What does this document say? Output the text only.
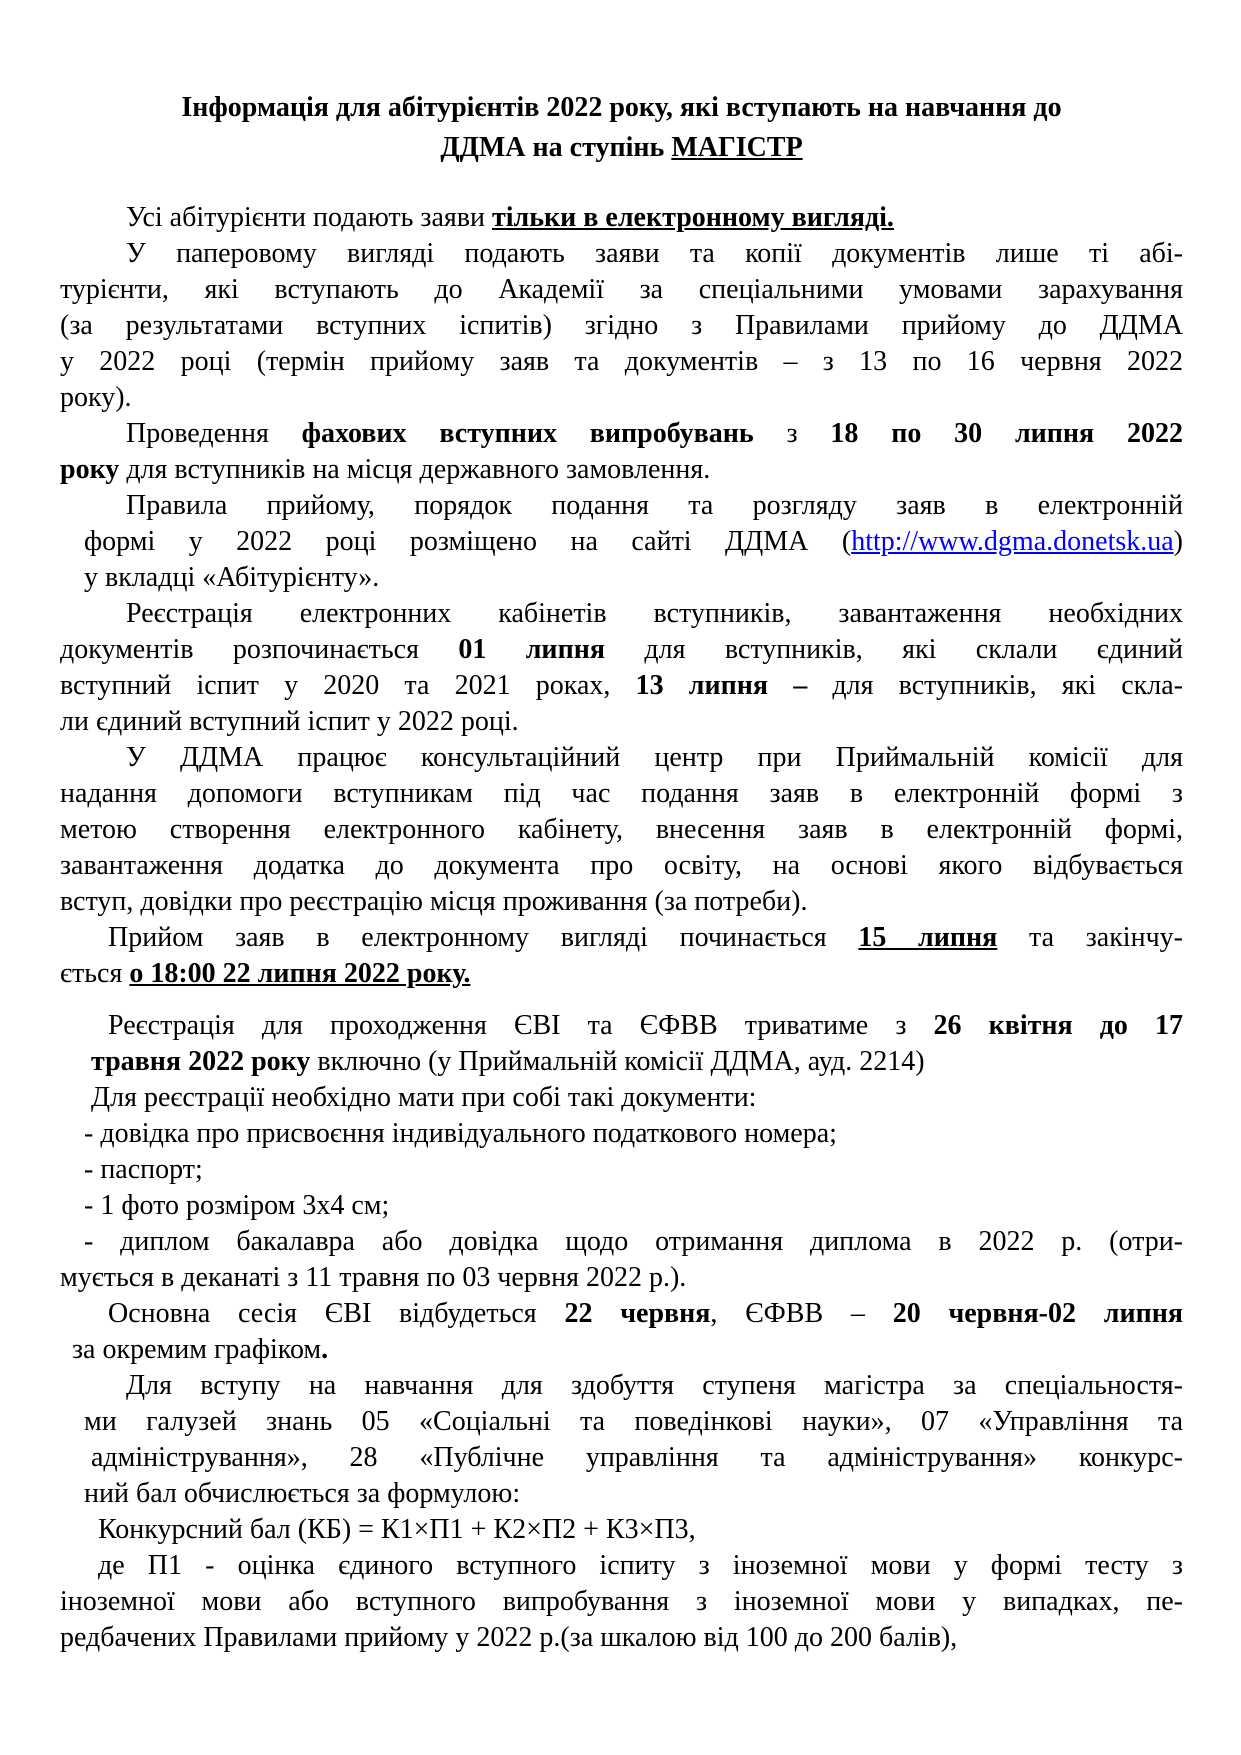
Інформація для абітурієнтів 2022 року, які вступають на навчання до
ДДМА на ступінь МАГІСТР
Усі абітурієнти подають заяви тільки в електронному вигляді.
У паперовому вигляді подають заяви та копії документів лише ті абі-
турієнти, які вступають до Академії за спеціальними умовами зарахування
(за результатами вступних іспитів) згідно з Правилами прийому до ДДМА
у 2022 році (термін прийому заяв та документів – з 13 по 16 червня 2022
року).
Проведення фахових вступних випробувань з 18 по 30 липня 2022
року для вступників на місця державного замовлення.
Правила прийому, порядок подання та розгляду заяв в електронній
формі у 2022 році розміщено на сайті ДДМА (http://www.dgma.donetsk.ua)
у вкладці «Абітурієнту».
Реєстрація електронних кабінетів вступників, завантаження необхідних
документів розпочинається 01 липня для вступників, які склали єдиний
вступний іспит у 2020 та 2021 роках, 13 липня – для вступників, які скла-
ли єдиний вступний іспит у 2022 році.
У ДДМА працює консультаційний центр при Приймальній комісії для
надання допомоги вступникам під час подання заяв в електронній формі з
метою створення електронного кабінету, внесення заяв в електронній формі,
завантаження додатка до документа про освіту, на основі якого відбувається
вступ, довідки про реєстрацію місця проживання (за потреби).
Прийом заяв в електронному вигляді починається 15 липня та закінчу-
ється о 18:00 22 липня 2022 року.
Реєстрація для проходження ЄВІ та ЄФВВ триватиме з 26 квітня до 17
травня 2022 року включно (у Приймальній комісії ДДМА, ауд. 2214)
Для реєстрації необхідно мати при собі такі документи:
- довідка про присвоєння індивідуального податкового номера;
- паспорт;
- 1 фото розміром 3х4 см;
- диплом бакалавра або довідка щодо отримання диплома в 2022 р. (отри-
мується в деканаті з 11 травня по 03 червня 2022 р.).
Основна сесія ЄВІ відбудеться 22 червня, ЄФВВ – 20 червня-02 липня
за окремим графіком.
Для вступу на навчання для здобуття ступеня магістра за спеціальностя-
ми галузей знань 05 «Соціальні та поведінкові науки», 07 «Управління та
адміністрування», 28 «Публічне управління та адміністрування» конкурс-
ний бал обчислюється за формулою:
Конкурсний бал (КБ) = К1×П1 + К2×П2 + К3×П3,
де П1 - оцінка єдиного вступного іспиту з іноземної мови у формі тесту з
іноземної мови або вступного випробування з іноземної мови у випадках, пе-
редбачених Правилами прийому у 2022 р.(за шкалою від 100 до 200 балів),
